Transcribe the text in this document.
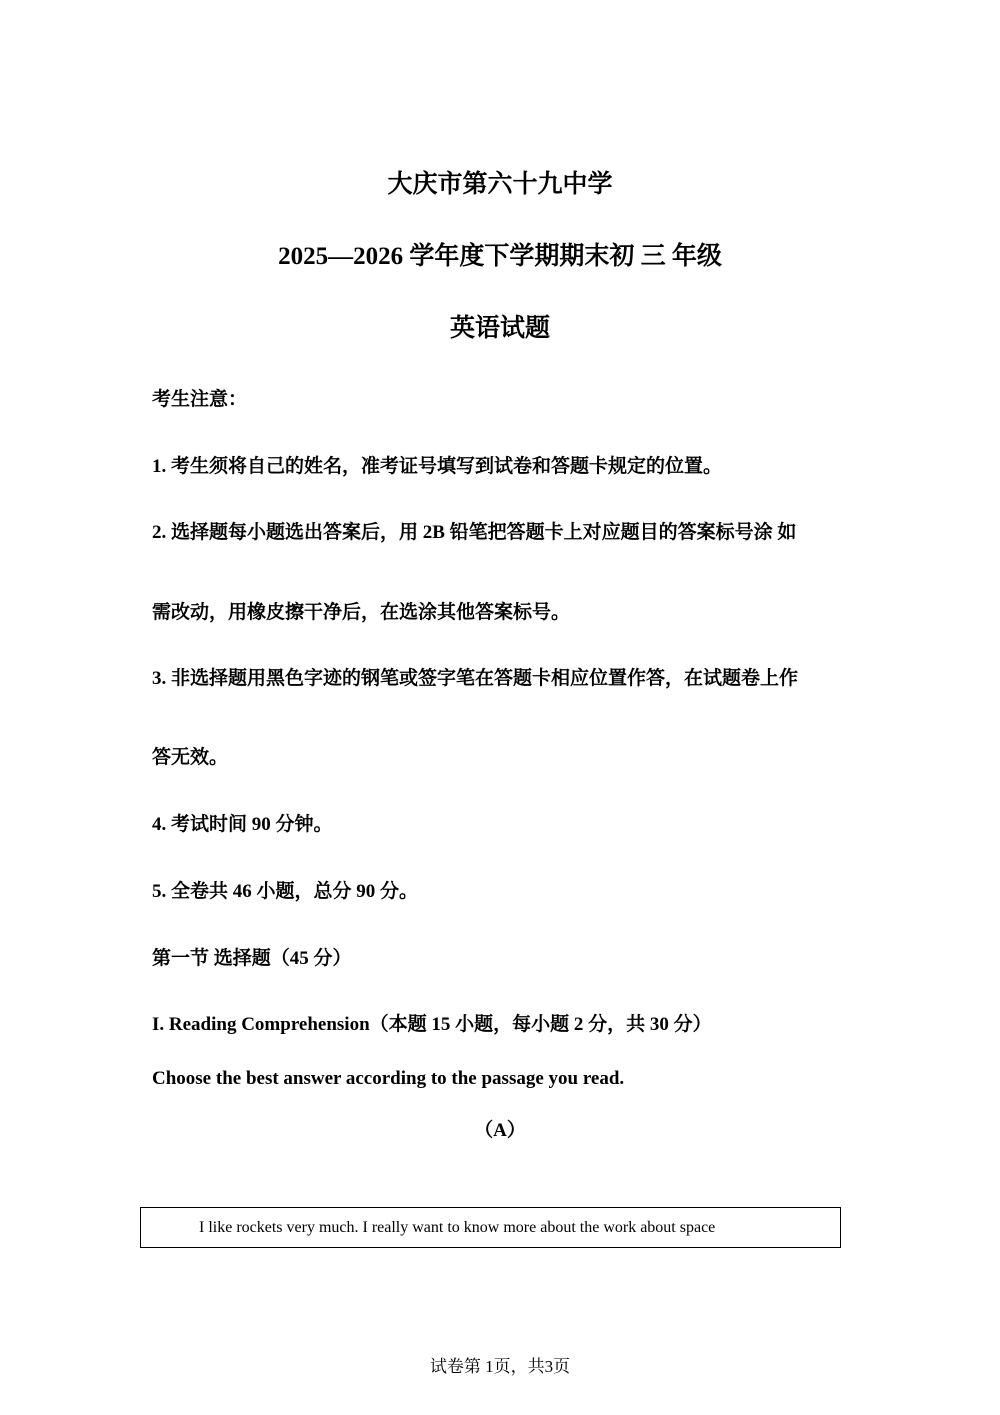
大庆市第六十九中学
2025—2026 学年度下学期期末初 三 年级
英语试题
考生注意：
1. 考生须将自己的姓名，准考证号填写到试卷和答题卡规定的位置。
2. 选择题每小题选出答案后，用 2B 铅笔把答题卡上对应题目的答案标号涂 如
需改动，用橡皮擦干净后，在选涂其他答案标号。
3. 非选择题用黑色字迹的钢笔或签字笔在答题卡相应位置作答，在试题卷上作
答无效。
4. 考试时间 90 分钟。
5. 全卷共 46 小题，总分 90 分。
第一节 选择题（45 分）
I. Reading Comprehension（本题 15 小题，每小题 2 分，共 30 分）
Choose the best answer according to the passage you read.
（A）
I like rockets very much. I really want to know more about the work about space
试卷第 1页，共3页
